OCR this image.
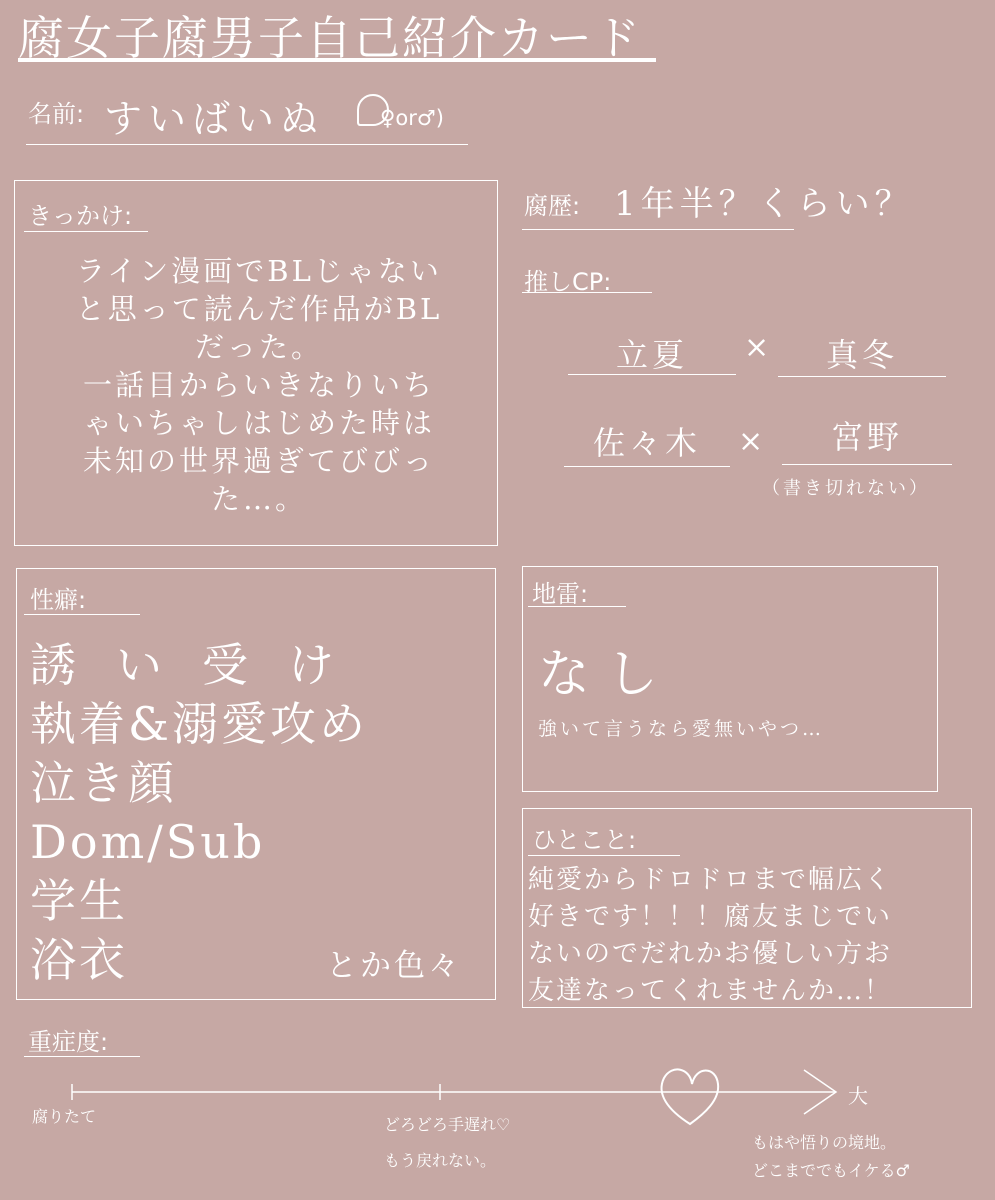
腐女子腐男子自己紹介カード
名前: すいばいぬ	♀or♂)
きっかけ:
ライン漫画でBLじゃない
と思って読んだ作品がBL
だった。
一話目からいきなりいち
ゃいちゃしはじめた時は
未知の世界過ぎてびびっ
た…。
腐歴: 1年半？くらい？
推しCP:
立夏	×	真冬
佐々木	×	宮野
（書き切れない）
性癖:
誘い受け
執着&溺愛攻め
泣き顔
Dom/Sub
学生
浴衣	とか色々
地雷:
なし
強いて言うなら愛無いやつ…
ひとこと:
純愛からドロドロまで幅広く
好きです！！！腐友まじでい
ないのでだれかお優しい方お
友達なってくれませんか…！
重症度:
腐りたて	どろどろ手遅れ♡
もう戻れない。
大
もはや悟りの境地。
どこまででもイケる♂
